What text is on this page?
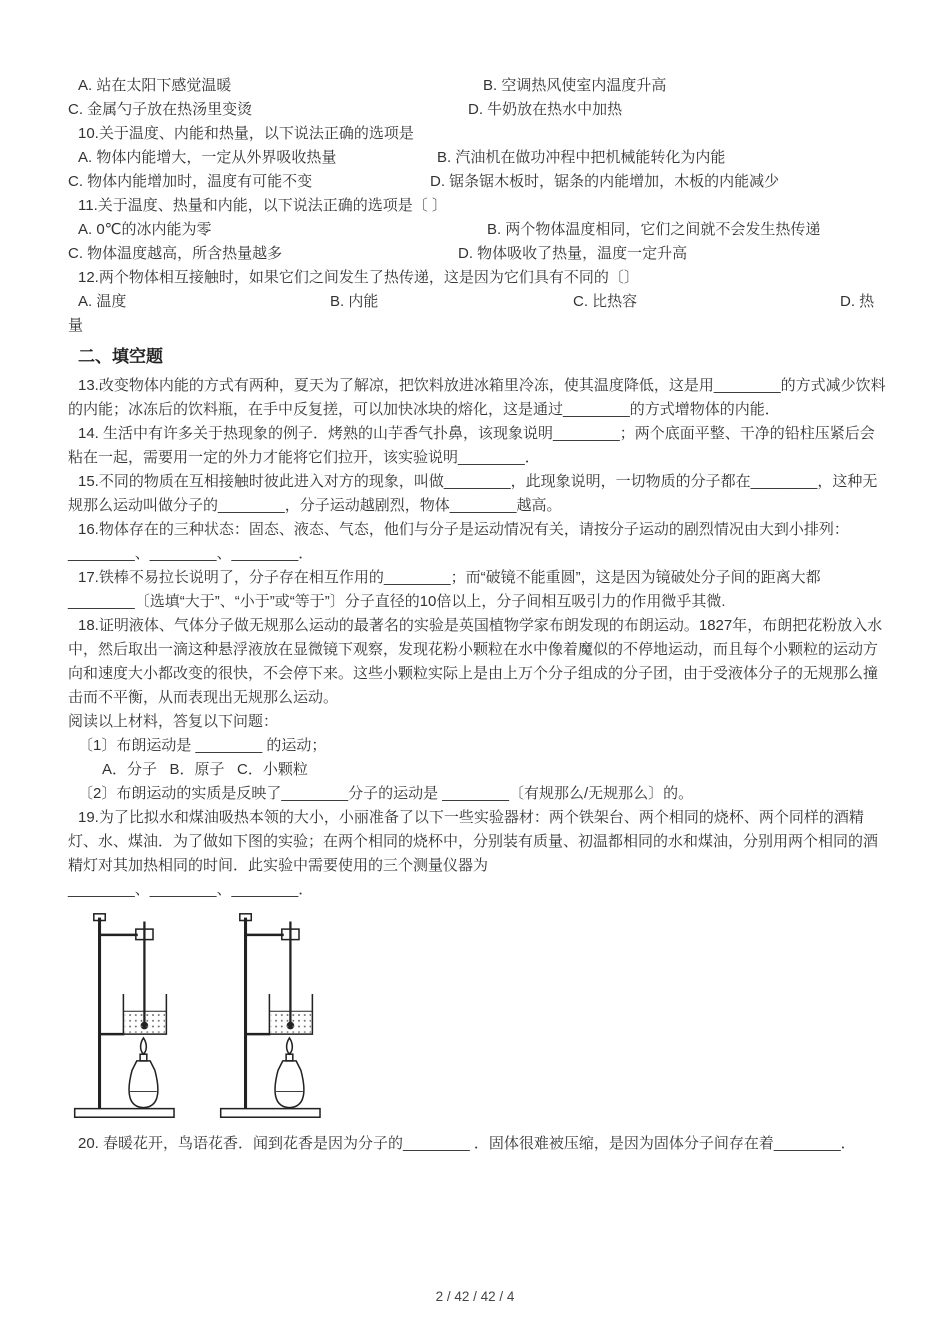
A. 站在太阳下感觉温暖	B. 空调热风使室内温度升高
C. 金属勺子放在热汤里变烫	D. 牛奶放在热水中加热
10.关于温度、内能和热量，以下说法正确的选项是
A. 物体内能增大，一定从外界吸收热量	B. 汽油机在做功冲程中把机械能转化为内能
C. 物体内能增加时，温度有可能不变	D. 锯条锯木板时，锯条的内能增加，木板的内能减少
11.关于温度、热量和内能，以下说法正确的选项是〔 〕
A. 0℃的冰内能为零	B. 两个物体温度相同，它们之间就不会发生热传递
C. 物体温度越高，所含热量越多	D. 物体吸收了热量，温度一定升高
12.两个物体相互接触时，如果它们之间发生了热传递，这是因为它们具有不同的〔〕
A. 温度	B. 内能	C. 比热容	D. 热
量
二、填空题

13.改变物体内能的方式有两种，夏天为了解凉，把饮料放进冰箱里冷冻，使其温度降低，这是用________的方式减少饮料的内能；冰冻后的饮料瓶，在手中反复搓，可以加快冰块的熔化，这是通过________的方式增物体的内能．

14. 生活中有许多关于热现象的例子．烤熟的山芋香气扑鼻，该现象说明________；两个底面平整、干净的铅柱压紧后会粘在一起，需要用一定的外力才能将它们拉开，该实验说明________．

15.不同的物质在互相接触时彼此进入对方的现象，叫做________，此现象说明，一切物质的分子都在________，这种无规那么运动叫做分子的________，分子运动越剧烈，物体________越高。

16.物体存在的三种状态：固态、液态、气态，他们与分子是运动情况有关，请按分子运动的剧烈情况由大到小排列：________、________、________．

17.铁棒不易拉长说明了，分子存在相互作用的________；而“破镜不能重圆”，这是因为镜破处分子间的距离大都________〔选填“大于”、“小于”或“等于”〕分子直径的10倍以上，分子间相互吸引力的作用微乎其微.

18.证明液体、气体分子做无规那么运动的最著名的实验是英国植物学家布朗发现的布朗运动。1827年，布朗把花粉放入水中，然后取出一滴这种悬浮液放在显微镜下观察，发现花粉小颗粒在水中像着魔似的不停地运动，而且每个小颗粒的运动方向和速度大小都改变的很快，不会停下来。这些小颗粒实际上是由上万个分子组成的分子团，由于受液体分子的无规那么撞击而不平衡，从而表现出无规那么运动。

阅读以上材料，答复以下问题：
〔1〕布朗运动是 ________ 的运动；
A．分子   B．原子   C．小颗粒
〔2〕布朗运动的实质是反映了________分子的运动是 ________〔有规那么/无规那么〕的。

19.为了比拟水和煤油吸热本领的大小，小丽准备了以下一些实验器材：两个铁架台、两个相同的烧杯、两个同样的酒精灯、水、煤油．为了做如下图的实验；在两个相同的烧杯中，分别装有质量、初温都相同的水和煤油，分别用两个相同的酒精灯对其加热相同的时间．此实验中需要使用的三个测量仪器为

________、________、________．

20. 春暖花开，鸟语花香．闻到花香是因为分子的________ ．固体很难被压缩，是因为固体分子间存在着________．

2 / 42 / 42 / 4
